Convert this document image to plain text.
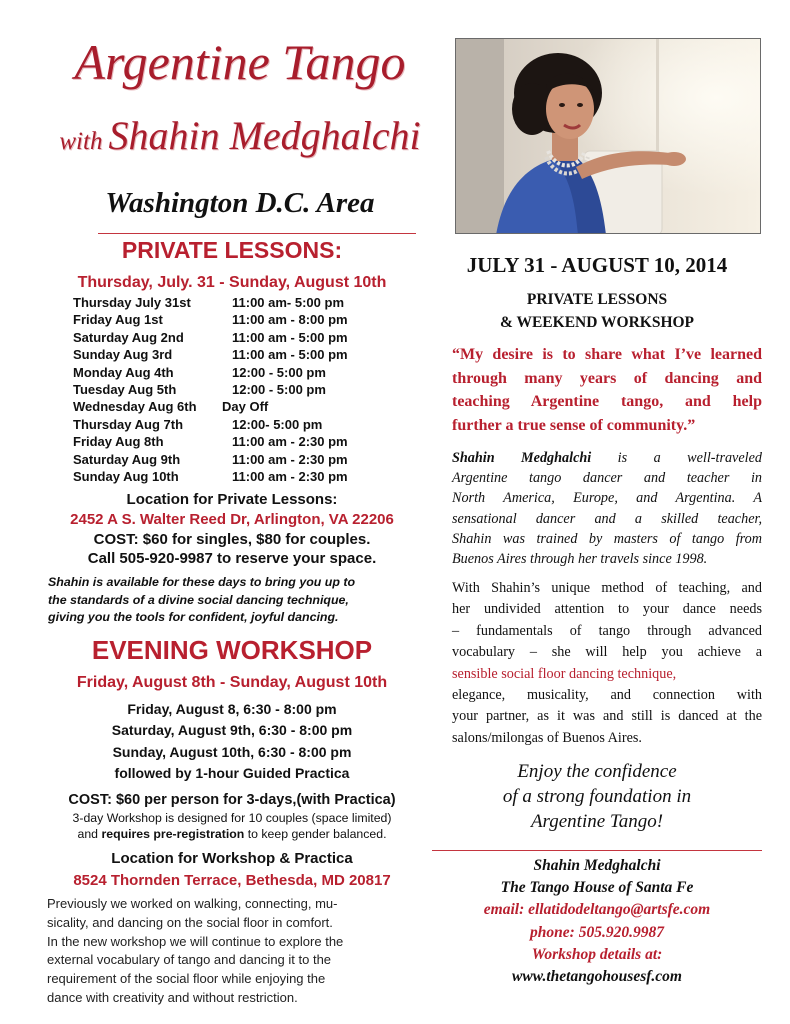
Argentine Tango
with Shahin Medghalchi
Washington D.C. Area
PRIVATE LESSONS:
Thursday, July. 31 - Sunday, August 10th
Thursday July 31st	11:00 am- 5:00 pm
Friday Aug 1st	11:00 am - 8:00 pm
Saturday Aug 2nd	11:00 am - 5:00 pm
Sunday Aug 3rd	11:00 am - 5:00 pm
Monday Aug 4th	12:00 - 5:00 pm
Tuesday Aug 5th	12:00 - 5:00 pm
Wednesday Aug 6th Day Off
Thursday Aug 7th	12:00- 5:00 pm
Friday Aug 8th	11:00 am - 2:30 pm
Saturday Aug 9th	11:00 am - 2:30 pm
Sunday Aug 10th	11:00 am - 2:30 pm
Location for Private Lessons:
2452 A S. Walter Reed Dr, Arlington, VA 22206
COST: $60 for singles, $80 for couples.
Call 505-920-9987 to reserve your space.
Shahin is available for these days to bring you up to
the standards of a divine social dancing technique,
giving you the tools for confident, joyful dancing.
EVENING WORKSHOP
Friday, August 8th - Sunday, August 10th
Friday, August 8, 6:30 - 8:00 pm
Saturday, August 9th, 6:30 - 8:00 pm
Sunday, August 10th, 6:30 - 8:00 pm
followed by 1-hour Guided Practica
COST: $60 per person for 3-days,(with Practica)
3-day Workshop is designed for 10 couples (space limited)
and requires pre-registration to keep gender balanced.
Location for Workshop & Practica
8524 Thornden Terrace, Bethesda, MD 20817
Previously we worked on walking, connecting, mu-
sicality, and dancing on the social floor in comfort.
In the new workshop we will continue to explore the
external vocabulary of tango and dancing it to the
requirement of the social floor while enjoying the
dance with creativity and without restriction.
JULY 31 - AUGUST 10, 2014
PRIVATE LESSONS
& WEEKEND WORKSHOP
“My desire is to share what I’ve learned
through many years of dancing and
teaching Argentine tango, and help
further a true sense of community.”
Shahin Medghalchi is a well-traveled
Argentine tango dancer and teacher in
North America, Europe, and Argentina. A
sensational dancer and a skilled teacher,
Shahin was trained by masters of tango from
Buenos Aires through her travels since 1998.
With Shahin’s unique method of teaching, and
her undivided attention to your dance needs
– fundamentals of tango through advanced
vocabulary – she will help you achieve a
sensible social floor dancing technique,
elegance, musicality, and connection with
your partner, as it was and still is danced at the
salons/milongas of Buenos Aires.
Enjoy the confidence
of a strong foundation in
Argentine Tango!
Shahin Medghalchi
The Tango House of Santa Fe
email: ellatidodeltango@artsfe.com
phone: 505.920.9987
Workshop details at:
www.thetangohousesf.com
